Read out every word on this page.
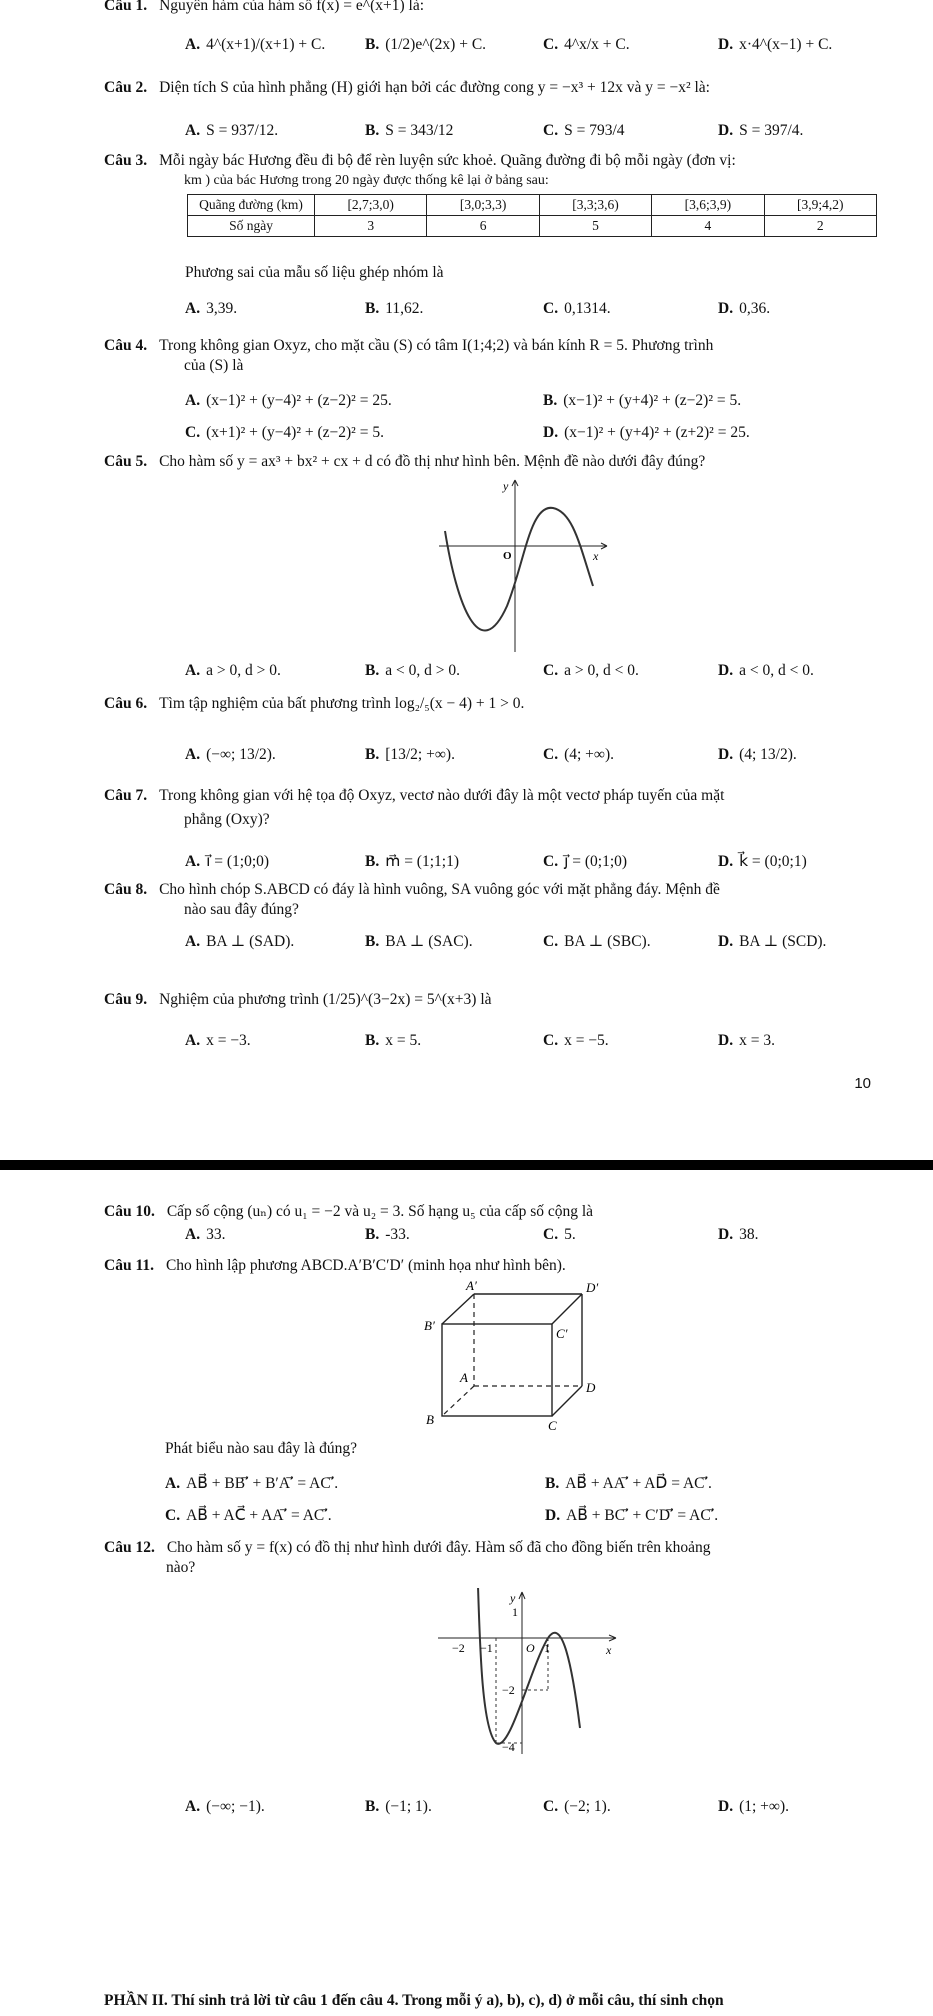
Câu 1. Nguyên hàm của hàm số f(x) = e^(x+1) là:
A. 4^(x+1)/(x+1) + C.	B. (1/2)e^(2x) + C.	C. 4^x/x + C.	D. x·4^(x−1) + C.
Câu 2. Diện tích S của hình phẳng (H) giới hạn bởi các đường cong y = −x³ + 12x và y = −x² là:
A. S = 937/12.	B. S = 343/12	C. S = 793/4	D. S = 397/4.
Câu 3. Mỗi ngày bác Hương đều đi bộ để rèn luyện sức khoẻ. Quãng đường đi bộ mỗi ngày (đơn vị:
km ) của bác Hương trong 20 ngày được thống kê lại ở bảng sau:
Quãng đường (km)	[2,7;3,0)	[3,0;3,3)	[3,3;3,6)	[3,6;3,9)	[3,9;4,2)
Số ngày	3	6	5	4	2
Phương sai của mẫu số liệu ghép nhóm là
A. 3,39.	B. 11,62.	C. 0,1314.	D. 0,36.
Câu 4. Trong không gian Oxyz, cho mặt cầu (S) có tâm I(1;4;2) và bán kính R = 5. Phương trình
của (S) là
A. (x−1)² + (y−4)² + (z−2)² = 25.	B. (x−1)² + (y+4)² + (z−2)² = 5.
C. (x+1)² + (y−4)² + (z−2)² = 5.	D. (x−1)² + (y+4)² + (z+2)² = 25.
Câu 5. Cho hàm số y = ax³ + bx² + cx + d có đồ thị như hình bên. Mệnh đề nào dưới đây đúng?
y
x
O
A. a > 0, d > 0.	B. a < 0, d > 0.	C. a > 0, d < 0.	D. a < 0, d < 0.
Câu 6. Tìm tập nghiệm của bất phương trình log₂/₅(x − 4) + 1 > 0.
A. (−∞; 13/2).	B. [13/2; +∞).	C. (4; +∞).	D. (4; 13/2).
Câu 7. Trong không gian với hệ tọa độ Oxyz, vectơ nào dưới đây là một vectơ pháp tuyến của mặt
phẳng (Oxy)?
A. i⃗ = (1;0;0)	B. m⃗ = (1;1;1)	C. j⃗ = (0;1;0)	D. k⃗ = (0;0;1)
Câu 8. Cho hình chóp S.ABCD có đáy là hình vuông, SA vuông góc với mặt phẳng đáy. Mệnh đề
nào sau đây đúng?
A. BA ⊥ (SAD).	B. BA ⊥ (SAC).	C. BA ⊥ (SBC).	D. BA ⊥ (SCD).
Câu 9. Nghiệm của phương trình (1/25)^(3−2x) = 5^(x+3) là
A. x = −3.	B. x = 5.	C. x = −5.	D. x = 3.
10
Câu 10. Cấp số cộng (uₙ) có u₁ = −2 và u₂ = 3. Số hạng u₅ của cấp số cộng là
A. 33.	B. -33.	C. 5.	D. 38.
Câu 11. Cho hình lập phương ABCD.A′B′C′D′ (minh họa như hình bên).
A′	D′
B′
C′
A
D
B	C
Phát biểu nào sau đây là đúng?
A. AB⃗ + BB′⃗ + B′A′⃗ = AC′⃗.	B. AB⃗ + AA′⃗ + AD⃗ = AC′⃗.
C. AB⃗ + AC⃗ + AA′⃗ = AC′⃗.	D. AB⃗ + BC′⃗ + C′D′⃗ = AC′⃗.
Câu 12. Cho hàm số y = f(x) có đồ thị như hình dưới đây. Hàm số đã cho đồng biến trên khoảng
nào?
y
x
O
1
−2 −1	1
−2
−4
A. (−∞; −1).	B. (−1; 1).	C. (−2; 1).	D. (1; +∞).
PHẦN II. Thí sinh trả lời từ câu 1 đến câu 4. Trong mỗi ý a), b), c), d) ở mỗi câu, thí sinh chọn
